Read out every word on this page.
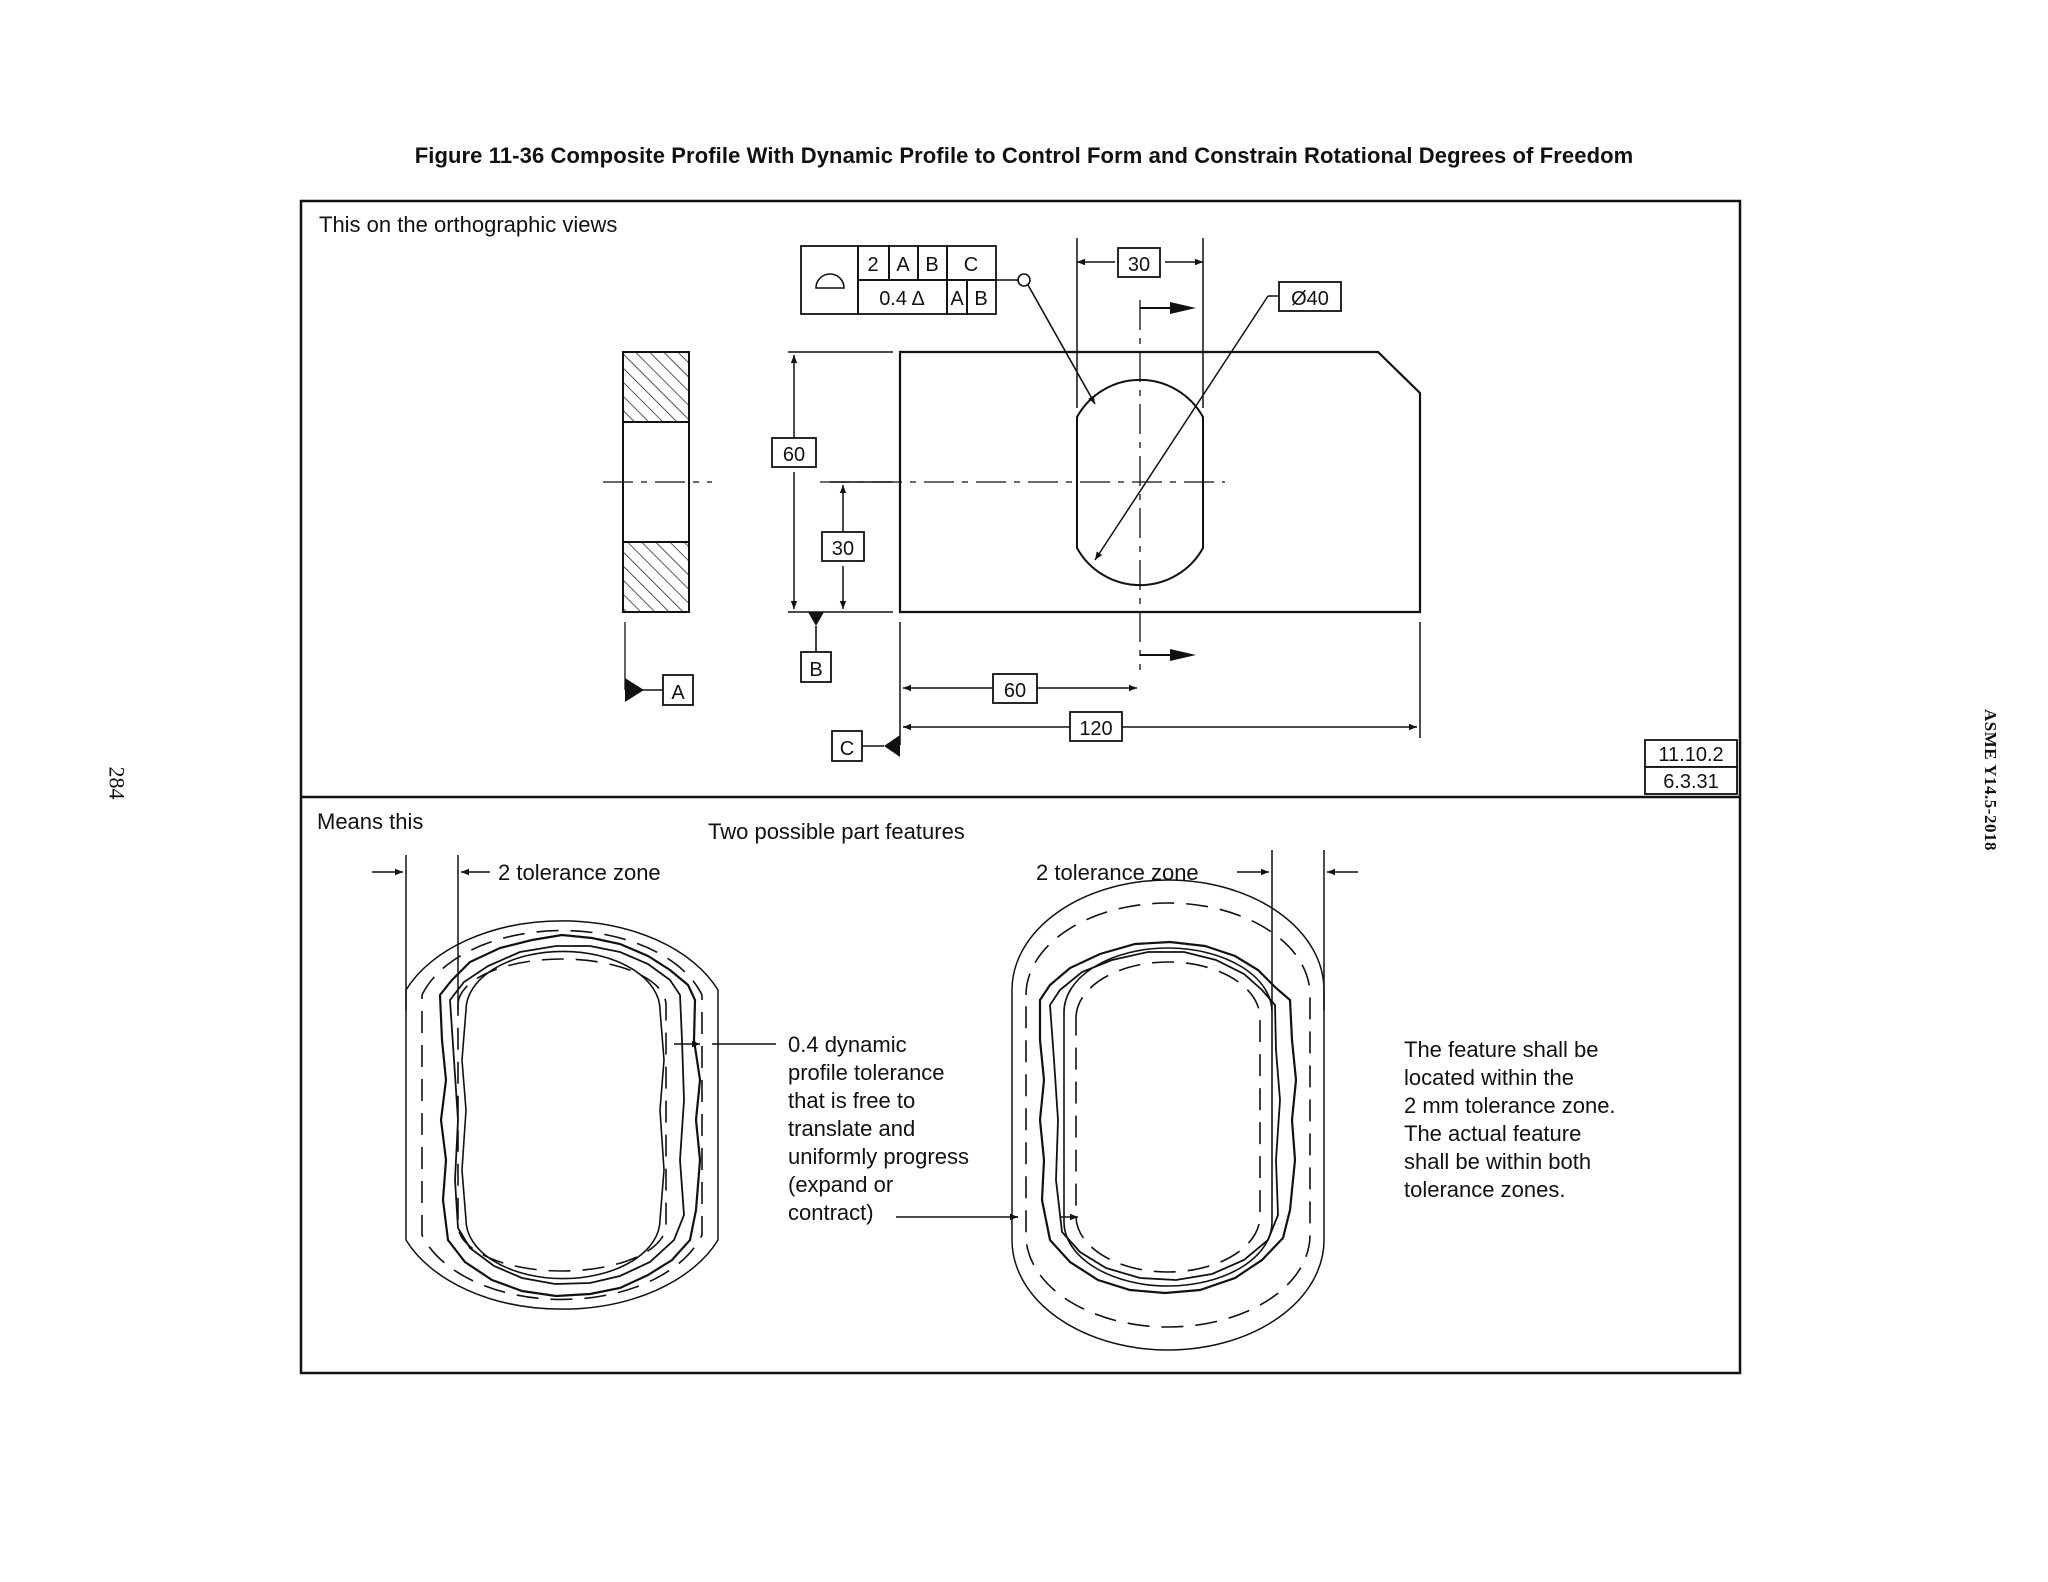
Figure 11-36 Composite Profile With Dynamic Profile to Control Form and Constrain Rotational Degrees of Freedom
284	ASME Y14.5-2018
This on the orthographic views
A
2 A B C
0.4 Δ A B
30
Ø40
60
30
B
60
120
C	11.10.2
6.3.31
Means this	Two possible part features
2 tolerance zone	2 tolerance zone
0.4 dynamic
profile tolerance
that is free to
translate and
uniformly progress
(expand or
contract)
The feature shall be
located within the
2 mm tolerance zone.
The actual feature
shall be within both
tolerance zones.
